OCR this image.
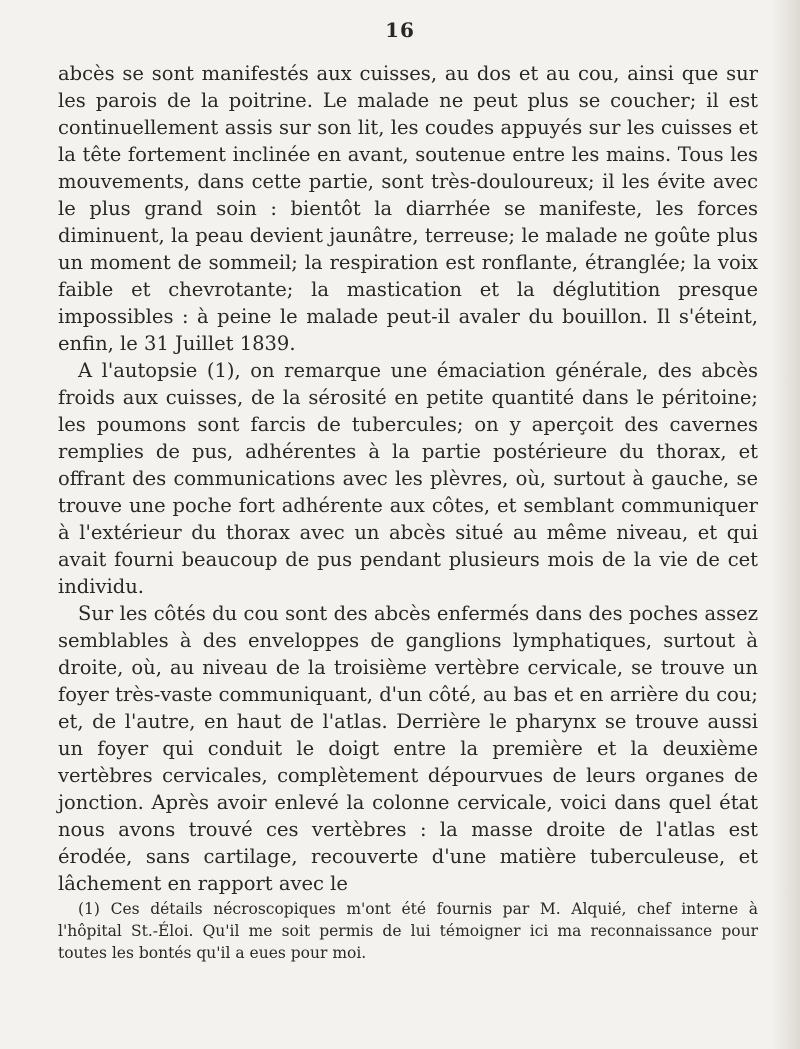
16

abcès se sont manifestés aux cuisses, au dos et au cou, ainsi que sur les parois de la poitrine. Le malade ne peut plus se coucher; il est continuellement assis sur son lit, les coudes appuyés sur les cuisses et la tête fortement inclinée en avant, soutenue entre les mains. Tous les mouvements, dans cette partie, sont très-douloureux; il les évite avec le plus grand soin : bientôt la diarrhée se manifeste, les forces diminuent, la peau devient jaunâtre, terreuse; le malade ne goûte plus un moment de sommeil; la respiration est ronflante, étranglée; la voix faible et chevrotante; la mastication et la déglutition presque impossibles : à peine le malade peut-il avaler du bouillon. Il s'éteint, enfin, le 31 Juillet 1839.

A l'autopsie (1), on remarque une émaciation générale, des abcès froids aux cuisses, de la sérosité en petite quantité dans le péritoine; les poumons sont farcis de tubercules; on y aperçoit des cavernes remplies de pus, adhérentes à la partie postérieure du thorax, et offrant des communications avec les plèvres, où, surtout à gauche, se trouve une poche fort adhérente aux côtes, et semblant communiquer à l'extérieur du thorax avec un abcès situé au même niveau, et qui avait fourni beaucoup de pus pendant plusieurs mois de la vie de cet individu.

Sur les côtés du cou sont des abcès enfermés dans des poches assez semblables à des enveloppes de ganglions lymphatiques, surtout à droite, où, au niveau de la troisième vertèbre cervicale, se trouve un foyer très-vaste communiquant, d'un côté, au bas et en arrière du cou; et, de l'autre, en haut de l'atlas. Derrière le pharynx se trouve aussi un foyer qui conduit le doigt entre la première et la deuxième vertèbres cervicales, complètement dépourvues de leurs organes de jonction. Après avoir enlevé la colonne cervicale, voici dans quel état nous avons trouvé ces vertèbres : la masse droite de l'atlas est érodée, sans cartilage, recouverte d'une matière tuberculeuse, et lâchement en rapport avec le

(1) Ces détails nécroscopiques m'ont été fournis par M. Alquié, chef interne à l'hôpital St.-Éloi. Qu'il me soit permis de lui témoigner ici ma reconnaissance pour toutes les bontés qu'il a eues pour moi.
